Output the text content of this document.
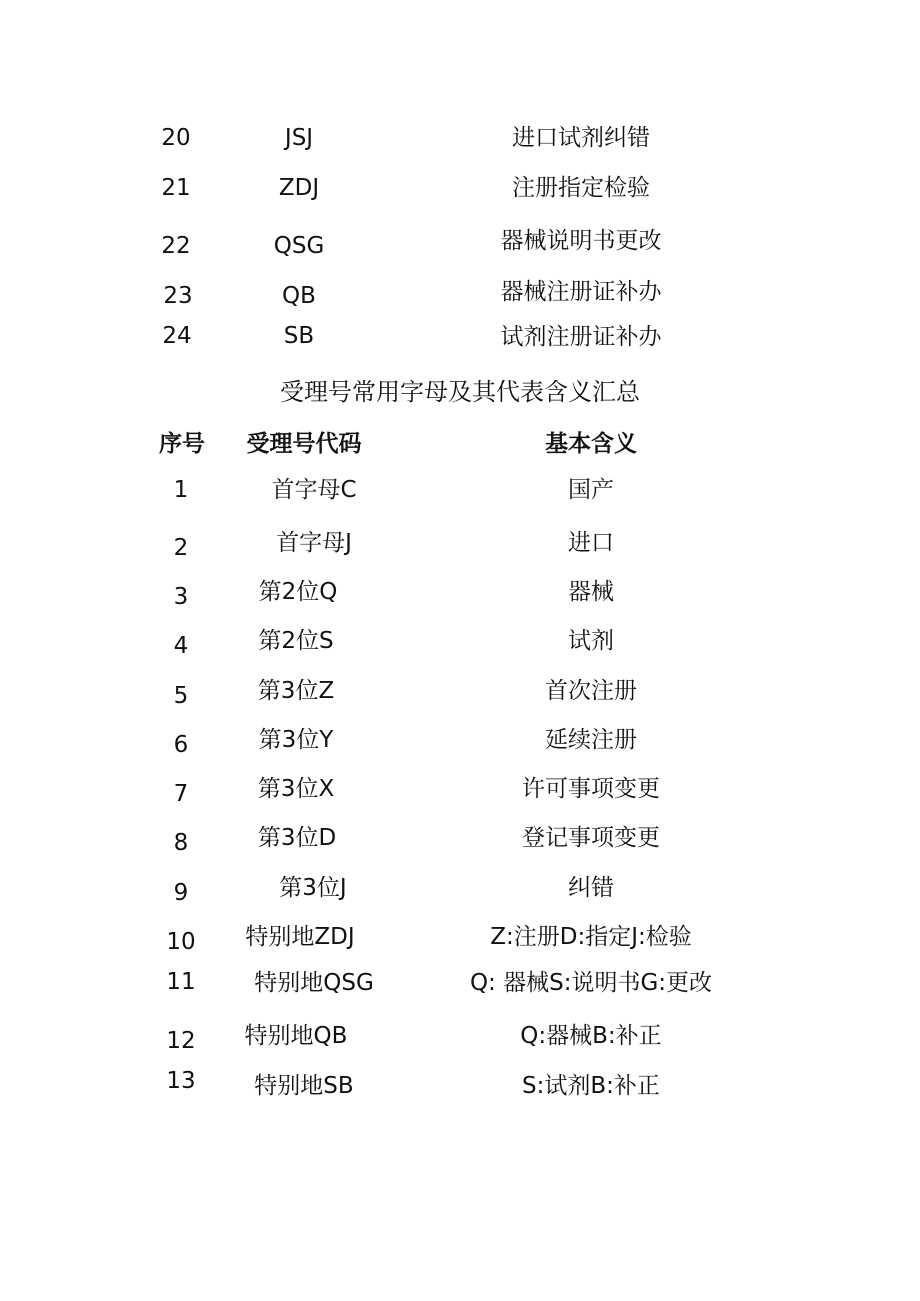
20	JSJ	进口试剂纠错
21	ZDJ	注册指定检验
22	QSG	器械说明书更改
23	QB	器械注册证补办
24	SB	试剂注册证补办
受理号常用字母及其代表含义汇总
序号 受理号代码	基本含义
1	首字母C	国产
2	首字母J	进口
3	第2位Q	器械
4	第2位S	试剂
5	第3位Z	首次注册
6	第3位Y	延续注册
7	第3位X	许可事项变更
8	第3位D	登记事项变更
9	第3位J	纠错
10 特别地ZDJ	Z:注册D:指定J:检验
11	特别地QSG	Q: 器械S:说明书G:更改
12 特别地QB	Q:器械B:补正
13	特别地SB	S:试剂B:补正
